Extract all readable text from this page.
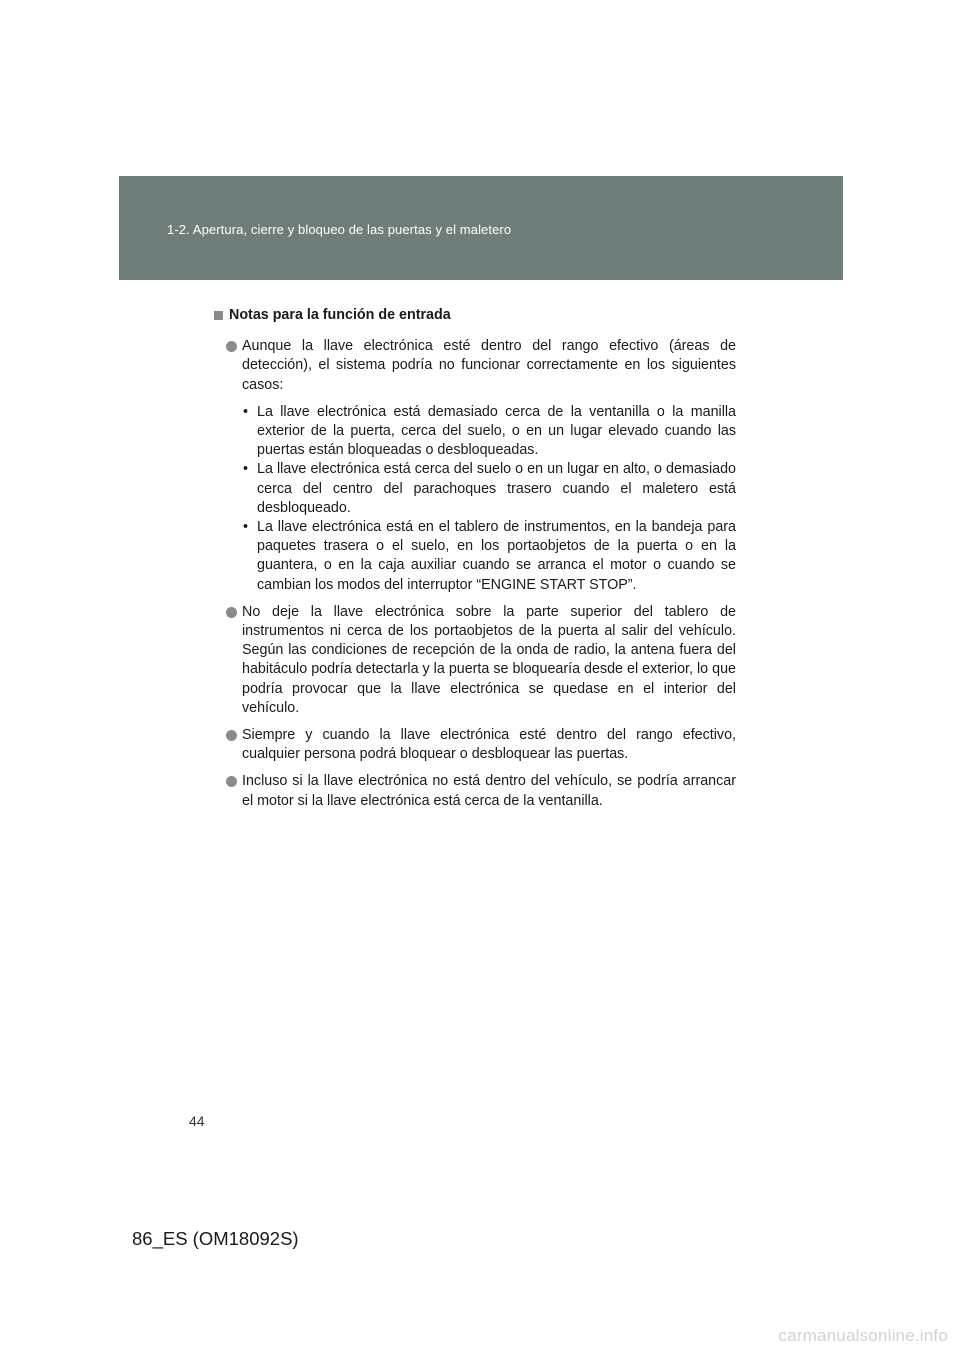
1-2. Apertura, cierre y bloqueo de las puertas y el maletero
Notas para la función de entrada
Aunque la llave electrónica esté dentro del rango efectivo (áreas de detección), el sistema podría no funcionar correctamente en los siguientes casos:
• La llave electrónica está demasiado cerca de la ventanilla o la manilla exterior de la puerta, cerca del suelo, o en un lugar elevado cuando las puertas están bloqueadas o desbloqueadas.
• La llave electrónica está cerca del suelo o en un lugar en alto, o demasiado cerca del centro del parachoques trasero cuando el maletero está desbloqueado.
• La llave electrónica está en el tablero de instrumentos, en la bandeja para paquetes trasera o el suelo, en los portaobjetos de la puerta o en la guantera, o en la caja auxiliar cuando se arranca el motor o cuando se cambian los modos del interruptor “ENGINE START STOP”.
No deje la llave electrónica sobre la parte superior del tablero de instrumentos ni cerca de los portaobjetos de la puerta al salir del vehículo. Según las condiciones de recepción de la onda de radio, la antena fuera del habitáculo podría detectarla y la puerta se bloquearía desde el exterior, lo que podría provocar que la llave electrónica se quedase en el interior del vehículo.
Siempre y cuando la llave electrónica esté dentro del rango efectivo, cualquier persona podrá bloquear o desbloquear las puertas.
Incluso si la llave electrónica no está dentro del vehículo, se podría arrancar el motor si la llave electrónica está cerca de la ventanilla.
44
86_ES (OM18092S)
carmanualsonline.info
